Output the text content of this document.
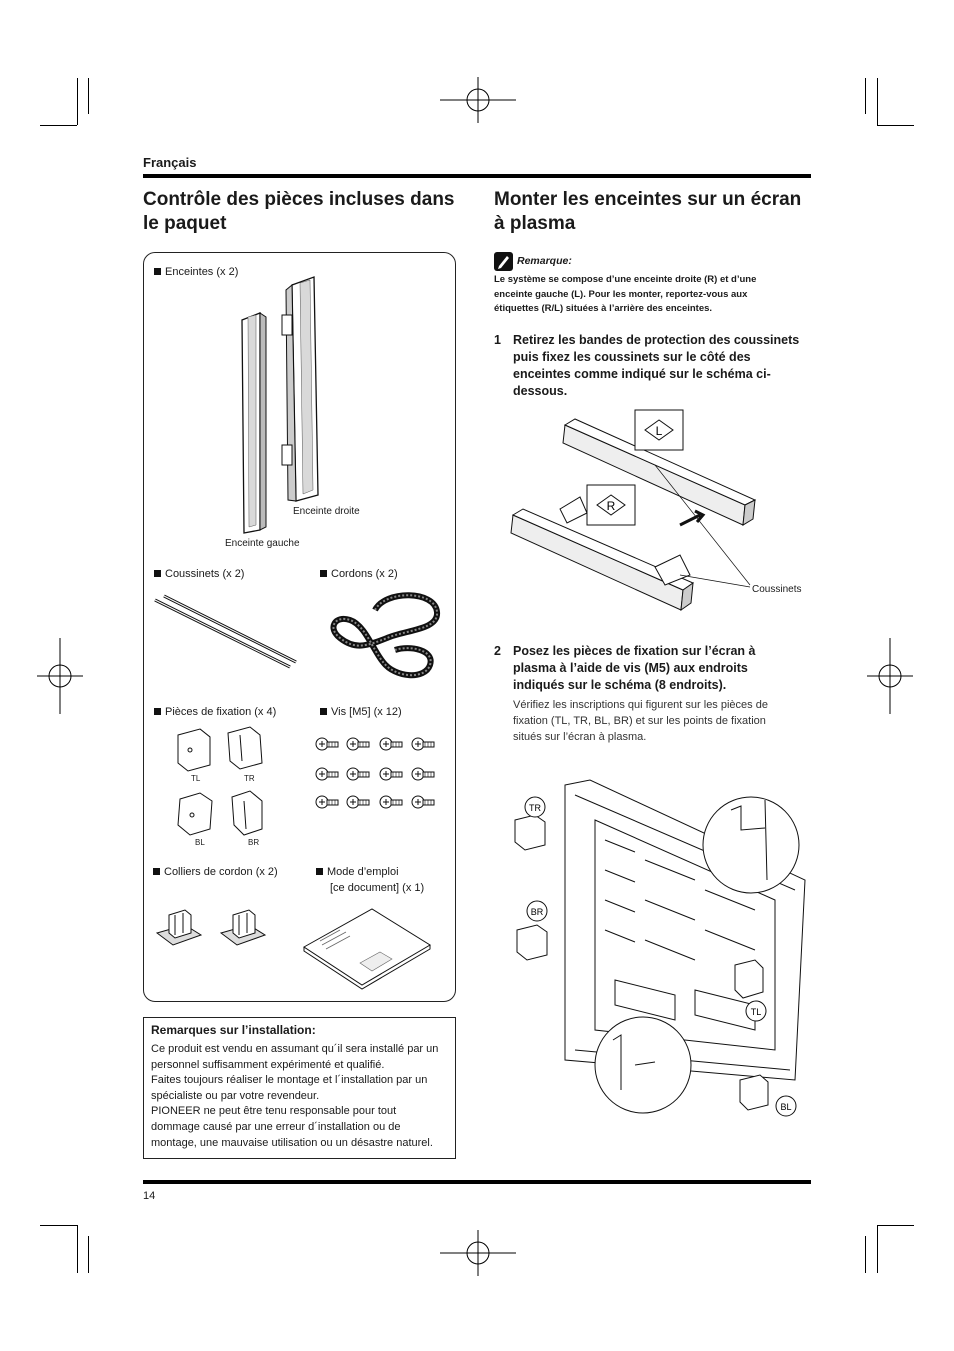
Français
Contrôle des pièces incluses dans
le paquet
Enceintes (x 2)
Enceinte droite
Enceinte gauche
Coussinets (x 2)	Cordons (x 2)
Pièces de fixation (x 4)
TL	TR
BL	BR
Vis [M5] (x 12)
Colliers de cordon (x 2)	Mode d’emploi
[ce document] (x 1)
Remarques sur l’installation:
Ce produit est vendu en assumant qu´il sera installé par un
personnel suffisamment expérimenté et qualifié.
Faites toujours réaliser le montage et l´installation par un
spécialiste ou par votre revendeur.
PIONEER ne peut être tenu responsable pour tout
dommage causé par une erreur d´installation ou de
montage, une mauvaise utilisation ou un désastre naturel.
Monter les enceintes sur un écran
à plasma
Remarque:
Le système se compose d’une enceinte droite (R) et d’une
enceinte gauche (L). Pour les monter, reportez-vous aux
étiquettes (R/L) situées à l’arrière des enceintes.
1 Retirez les bandes de protection des coussinets
puis fixez les coussinets sur le côté des
enceintes comme indiqué sur le schéma ci-
dessous.
L
R
Coussinets
2 Posez les pièces de fixation sur l’écran à
plasma à l’aide de vis (M5) aux endroits
indiqués sur le schéma (8 endroits).
Vérifiez les inscriptions qui figurent sur les pièces de
fixation (TL, TR, BL, BR) et sur les points de fixation
situés sur l’écran à plasma.
TR
BR
TL
BL
14
